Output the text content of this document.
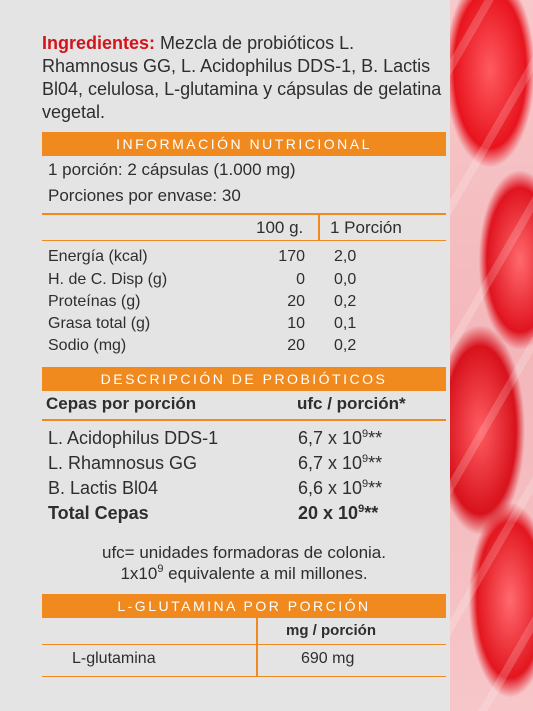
Ingredientes: Mezcla de probióticos L. Rhamnosus GG, L. Acidophilus DDS-1, B. Lactis Bl04, celulosa, L-glutamina y cápsulas de gelatina vegetal.
INFORMACIÓN NUTRICIONAL
1 porción: 2 cápsulas (1.000 mg)
Porciones por envase: 30
100 g. 1 Porción
Energía (kcal)	170 2,0
H. de C. Disp (g)	0 0,0
Proteínas (g)	20 0,2
Grasa total (g)	10 0,1
Sodio (mg)	20 0,2
DESCRIPCIÓN DE PROBIÓTICOS
Cepas por porción	ufc / porción*
L. Acidophilus DDS-1	6,7 x $10^9**$
L. Rhamnosus GG	6,7 x $10^9**$
B. Lactis Bl04	6,6 x $10^9**$
Total Cepas	20 x $10^9**$
ufc= unidades formadoras de colonia.
$1x10^9$ equivalente a mil millones.
L-GLUTAMINA POR PORCIÓN
mg / porción
L-glutamina	690 mg
